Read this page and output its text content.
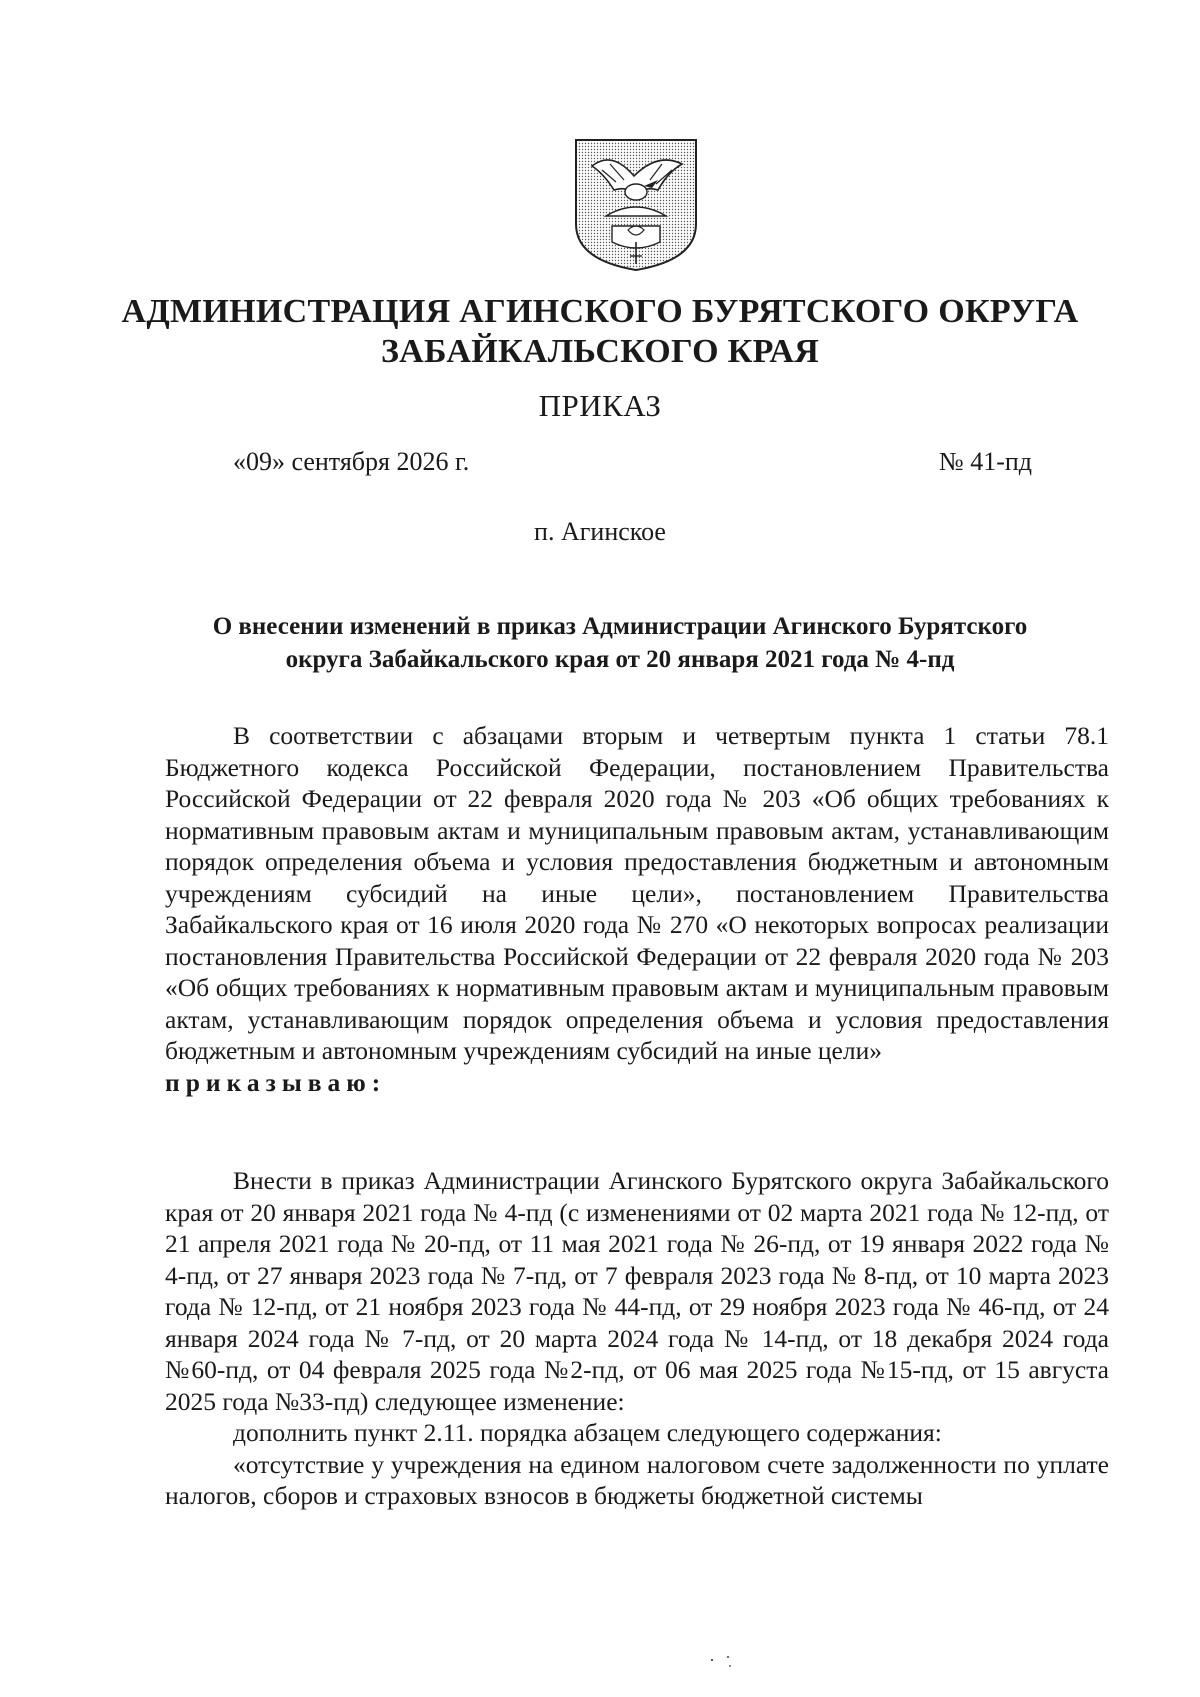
АДМИНИСТРАЦИЯ АГИНСКОГО БУРЯТСКОГО ОКРУГА
ЗАБАЙКАЛЬСКОГО КРАЯ
ПРИКАЗ
«09» сентября 2026 г.	№ 41-пд
п. Агинское
О внесении изменений в приказ Администрации Агинского Бурятского
округа Забайкальского края от 20 января 2021 года № 4-пд

В соответствии с абзацами вторым и четвертым пункта 1 статьи 78.1 Бюджетного кодекса Российской Федерации, постановлением Правительства Российской Федерации от 22 февраля 2020 года № 203 «Об общих требованиях к нормативным правовым актам и муниципальным правовым актам, устанавливающим порядок определения объема и условия предоставления бюджетным и автономным учреждениям субсидий на иные цели», постановлением Правительства Забайкальского края от 16 июля 2020 года № 270 «О некоторых вопросах реализации постановления Правительства Российской Федерации от 22 февраля 2020 года № 203 «Об общих требованиях к нормативным правовым актам и муниципальным правовым актам, устанавливающим порядок определения объема и условия предоставления бюджетным и автономным учреждениям субсидий на иные цели»
приказываю:

Внести в приказ Администрации Агинского Бурятского округа Забайкальского края от 20 января 2021 года № 4-пд (с изменениями от 02 марта 2021 года № 12-пд, от 21 апреля 2021 года № 20-пд, от 11 мая 2021 года № 26-пд, от 19 января 2022 года № 4-пд, от 27 января 2023 года № 7-пд, от 7 февраля 2023 года № 8-пд, от 10 марта 2023 года № 12-пд, от 21 ноября 2023 года № 44-пд, от 29 ноября 2023 года № 46-пд, от 24 января 2024 года № 7-пд, от 20 марта 2024 года № 14-пд, от 18 декабря 2024 года №60-пд, от 04 февраля 2025 года №2-пд, от 06 мая 2025 года №15-пд, от 15 августа 2025 года №33-пд) следующее изменение:

дополнить пункт 2.11. порядка абзацем следующего содержания:

«отсутствие у учреждения на едином налоговом счете задолженности по уплате налогов, сборов и страховых взносов в бюджеты бюджетной системы
